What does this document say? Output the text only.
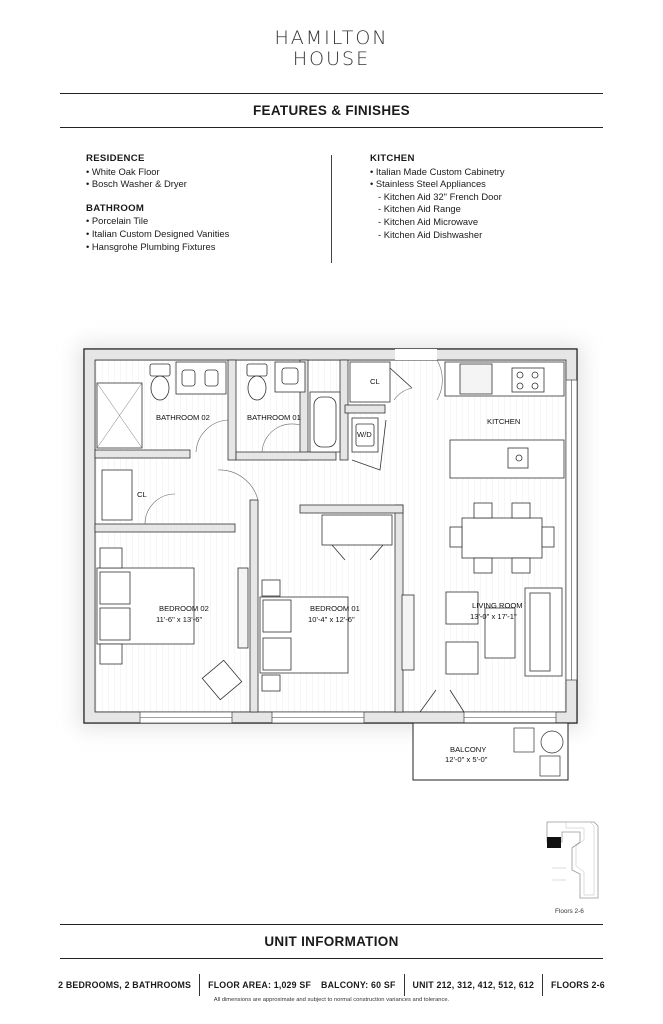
HAMILTON
HOUSE
FEATURES & FINISHES
RESIDENCE
• White Oak Floor
• Bosch Washer & Dryer
BATHROOM
• Porcelain Tile
• Italian Custom Designed Vanities
• Hansgrohe Plumbing Fixtures
KITCHEN
• Italian Made Custom Cabinetry
• Stainless Steel Appliances
- Kitchen Aid 32" French Door
- Kitchen Aid Range
- Kitchen Aid Microwave
- Kitchen Aid Dishwasher
BATHROOM 02	BATHROOM 01
CL
W/D
KITCHEN
CL
BEDROOM 02
11'-6" x 13'-6"
BEDROOM 01
10'-4" x 12'-6"
LIVING ROOM
13'-0" x 17'-1"
BALCONY
12'-0" x 5'-0"
Floors 2-6
UNIT INFORMATION
2 BEDROOMS, 2 BATHROOMS	FLOOR AREA: 1,029 SF	BALCONY: 60 SF	UNIT 212, 312, 412, 512, 612	FLOORS 2-6
All dimensions are approximate and subject to normal construction variances and tolerance.
